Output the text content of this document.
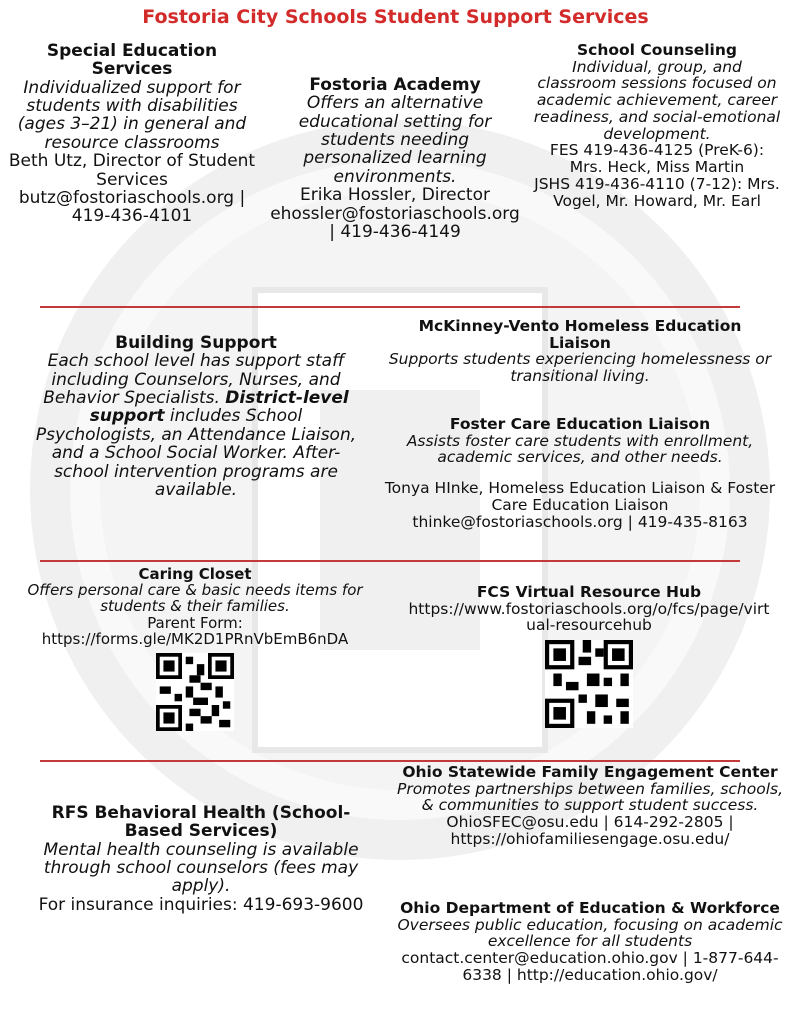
Fostoria City Schools Student Support Services
Special Education Services
Individualized support for students with disabilities (ages 3–21) in general and resource classrooms
Beth Utz, Director of Student Services
butz@fostoriaschools.org | 419-436-4101
Fostoria Academy
Offers an alternative educational setting for students needing personalized learning environments.
Erika Hossler, Director
ehossler@fostoriaschools.org | 419-436-4149
School Counseling
Individual, group, and classroom sessions focused on academic achievement, career readiness, and social-emotional development.
FES 419-436-4125 (PreK-6): Mrs. Heck, Miss Martin
JSHS 419-436-4110 (7-12): Mrs. Vogel, Mr. Howard, Mr. Earl
Building Support
Each school level has support staff including Counselors, Nurses, and Behavior Specialists. District-level support includes School Psychologists, an Attendance Liaison, and a School Social Worker. After-school intervention programs are available.
McKinney-Vento Homeless Education Liaison
Supports students experiencing homelessness or transitional living.
Foster Care Education Liaison
Assists foster care students with enrollment, academic services, and other needs.
Tonya HInke, Homeless Education Liaison & Foster Care Education Liaison
thinke@fostoriaschools.org | 419-435-8163
Caring Closet
Offers personal care & basic needs items for students & their families.
Parent Form:
https://forms.gle/MK2D1PRnVbEmB6nDA
FCS Virtual Resource Hub
https://www.fostoriaschools.org/o/fcs/page/virtual-resourcehub
RFS Behavioral Health (School-Based Services)
Mental health counseling is available through school counselors (fees may apply).
For insurance inquiries: 419-693-9600
Ohio Statewide Family Engagement Center
Promotes partnerships between families, schools, & communities to support student success.
OhioSFEC@osu.edu | 614-292-2805 | https://ohiofamiliesengage.osu.edu/
Ohio Department of Education & Workforce
Oversees public education, focusing on academic excellence for all students
contact.center@education.ohio.gov | 1-877-644-6338 | http://education.ohio.gov/
